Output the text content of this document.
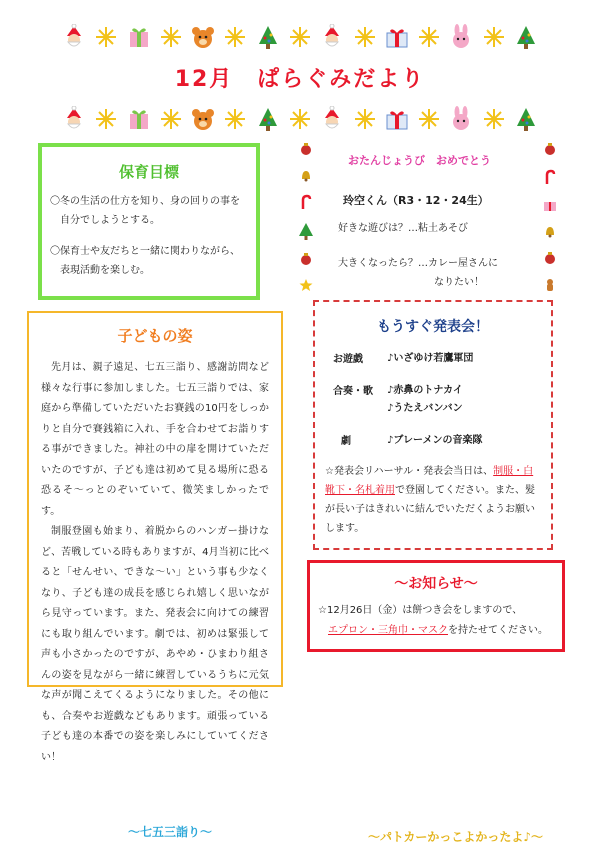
12月　ぱらぐみだより
保育目標

〇冬の生活の仕方を知り、身の回りの事を
自分でしようとする。

〇保育士や友だちと一緒に関わりながら、
表現活動を楽しむ。

子どもの姿

先月は、親子遠足、七五三詣り、感謝訪問など様々な行事に参加しました。七五三詣りでは、家庭から準備していただいたお賽銭の10円をしっかりと自分で賽銭箱に入れ、手を合わせてお詣りする事ができました。神社の中の扉を開けていただいたのですが、子ども達は初めて見る場所に恐る恐るそ～っとのぞいていて、微笑ましかったです。

制服登園も始まり、着脱からのハンガー掛けなど、苦戦している時もありますが、4月当初に比べると「せんせい、できな～い」という事も少なくなり、子ども達の成長を感じられ嬉しく思いながら見守っています。また、発表会に向けての練習にも取り組んでいます。劇では、初めは緊張して声も小さかったのですが、あやめ・ひまわり組さんの姿を見ながら一緒に練習しているうちに元気な声が聞こえてくるようになりました。その他にも、合奏やお遊戯などもあります。頑張っている子ども達の本番での姿を楽しみにしていてください！

おたんじょうび　おめでとう
玲空くん（R3・12・24生）
好きな遊びは？…粘土あそび
大きくなったら？…カレー屋さんに
なりたい！
もうすぐ発表会！
お遊戯	♪いざゆけ若鷹軍団
合奏・歌	♪赤鼻のトナカイ
♪うたえバンバン
劇	♪ブレーメンの音楽隊

☆発表会リハーサル・発表会当日は、制服・白靴下・名札着用で登園してください。また、髪が長い子はきれいに結んでいただくようお願いします。

～お知らせ～

☆12月26日（金）は餅つき会をしますので、

エプロン・三角巾・マスクを持たせてください。

～七五三詣り～	～パトカーかっこよかったよ♪～
